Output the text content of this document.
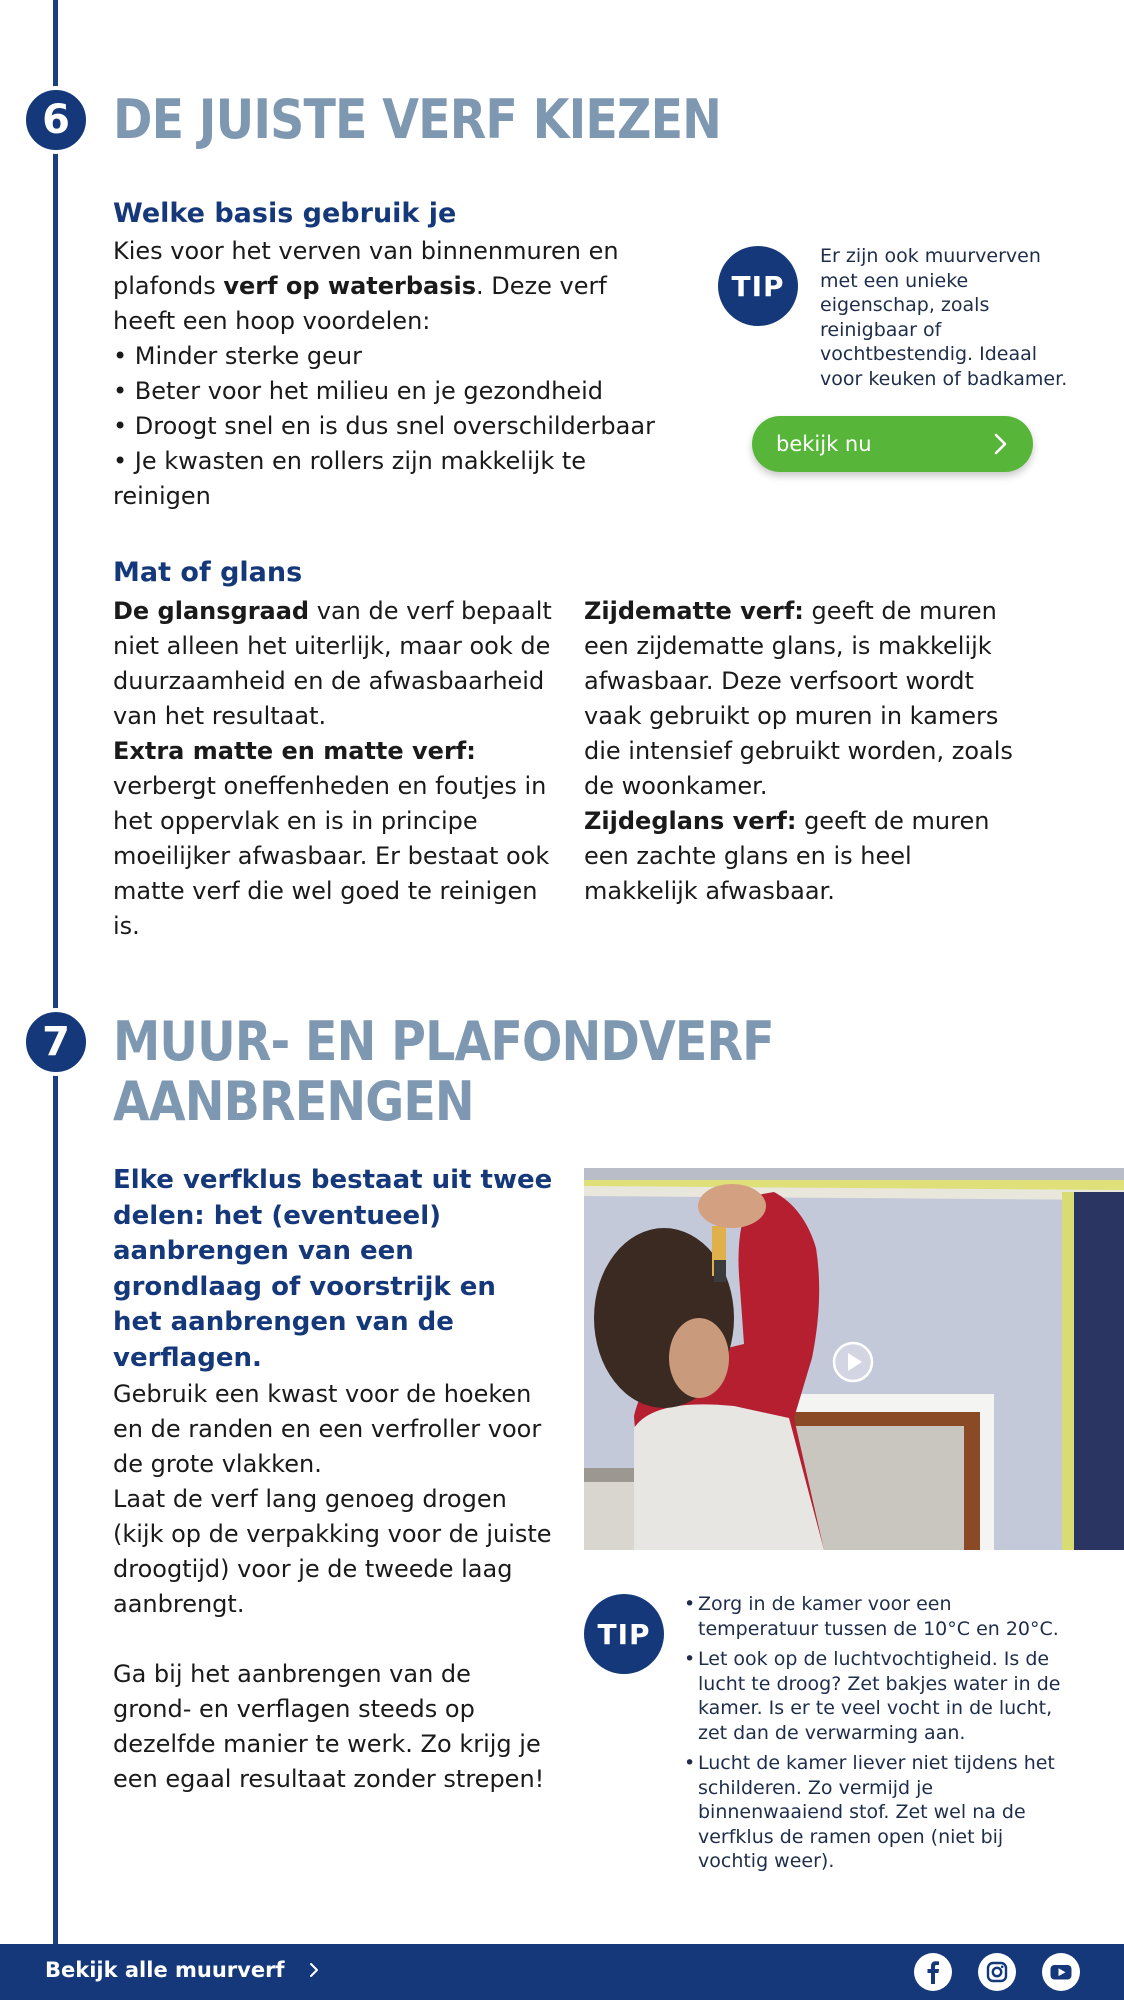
6 DE JUISTE VERF KIEZEN
Welke basis gebruik je

Kies voor het verven van binnenmuren en plafonds verf op waterbasis. Deze verf heeft een hoop voordelen:

• Minder sterke geur

• Beter voor het milieu en je gezondheid

• Droogt snel en is dus snel overschilderbaar

• Je kwasten en rollers zijn makkelijk te reinigen

TIP
Er zijn ook muurverven met een unieke eigenschap, zoals reinigbaar of vochtbestendig. Ideaal voor keuken of badkamer.
bekijk nu
Mat of glans

De glansgraad van de verf bepaalt niet alleen het uiterlijk, maar ook de duurzaamheid en de afwasbaarheid van het resultaat.

Extra matte en matte verf: verbergt oneffenheden en foutjes in het oppervlak en is in principe moeilijker afwasbaar. Er bestaat ook matte verf die wel goed te reinigen is.

Zijdematte verf: geeft de muren een zijdematte glans, is makkelijk afwasbaar. Deze verfsoort wordt vaak gebruikt op muren in kamers die intensief gebruikt worden, zoals de woonkamer.

Zijdeglans verf: geeft de muren een zachte glans en is heel makkelijk afwasbaar.

7 MUUR- EN PLAFONDVERF
AANBRENGEN
Elke verfklus bestaat uit twee delen: het (eventueel) aanbrengen van een grondlaag of voorstrijk en het aanbrengen van de verflagen.

Gebruik een kwast voor de hoeken en de randen en een verfroller voor de grote vlakken.

Laat de verf lang genoeg drogen (kijk op de verpakking voor de juiste droogtijd) voor je de tweede laag aanbrengt.

Ga bij het aanbrengen van de grond- en verflagen steeds op dezelfde manier te werk. Zo krijg je een egaal resultaat zonder strepen!

TIP
• Zorg in de kamer voor een temperatuur tussen de 10°C en 20°C.
• Let ook op de luchtvochtigheid. Is de lucht te droog? Zet bakjes water in de kamer. Is er te veel vocht in de lucht, zet dan de verwarming aan.
• Lucht de kamer liever niet tijdens het schilderen. Zo vermijd je binnenwaaiend stof. Zet wel na de verfklus de ramen open (niet bij vochtig weer).
Bekijk alle muurverf
